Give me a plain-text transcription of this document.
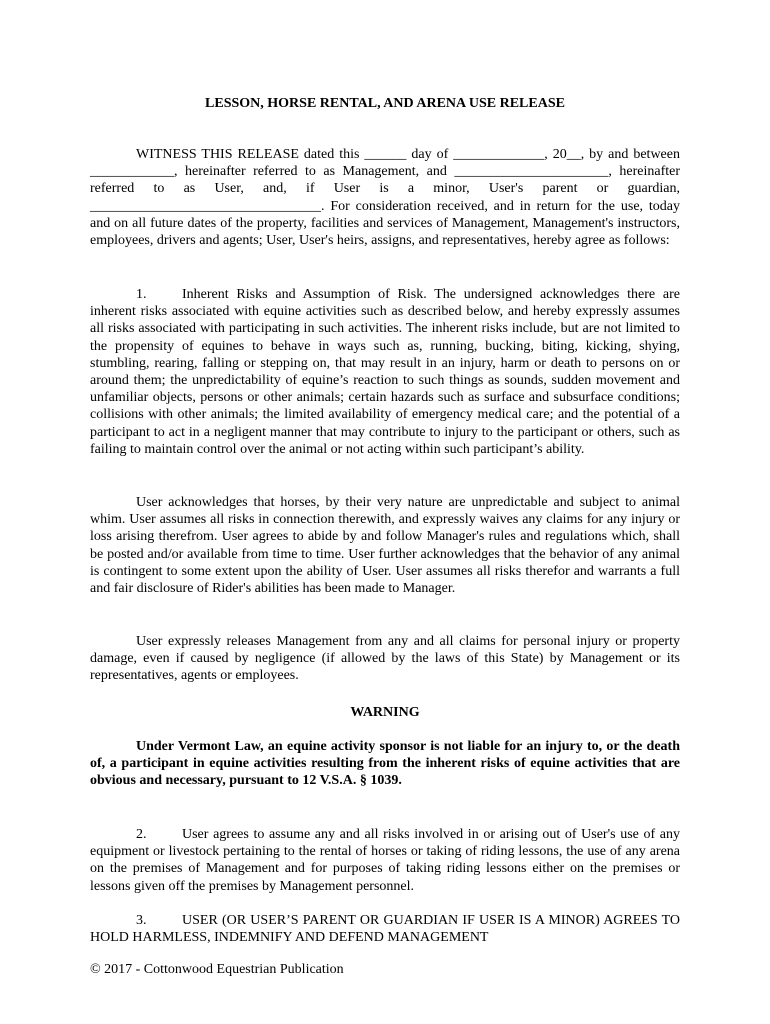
LESSON, HORSE RENTAL, AND ARENA USE RELEASE
WITNESS THIS RELEASE dated this ______ day of _____________, 20__, by and between ____________, hereinafter referred to as Management, and ______________________, hereinafter referred to as User, and, if User is a minor, User's parent or guardian, _________________________________. For consideration received, and in return for the use, today and on all future dates of the property, facilities and services of Management, Management's instructors, employees, drivers and agents; User, User's heirs, assigns, and representatives, hereby agree as follows:
1.	Inherent Risks and Assumption of Risk. The undersigned acknowledges there are inherent risks associated with equine activities such as described below, and hereby expressly assumes all risks associated with participating in such activities. The inherent risks include, but are not limited to the propensity of equines to behave in ways such as, running, bucking, biting, kicking, shying, stumbling, rearing, falling or stepping on, that may result in an injury, harm or death to persons on or around them; the unpredictability of equine’s reaction to such things as sounds, sudden movement and unfamiliar objects, persons or other animals; certain hazards such as surface and subsurface conditions; collisions with other animals; the limited availability of emergency medical care; and the potential of a participant to act in a negligent manner that may contribute to injury to the participant or others, such as failing to maintain control over the animal or not acting within such participant’s ability.
User acknowledges that horses, by their very nature are unpredictable and subject to animal whim. User assumes all risks in connection therewith, and expressly waives any claims for any injury or loss arising therefrom. User agrees to abide by and follow Manager's rules and regulations which, shall be posted and/or available from time to time. User further acknowledges that the behavior of any animal is contingent to some extent upon the ability of User. User assumes all risks therefor and warrants a full and fair disclosure of Rider's abilities has been made to Manager.
User expressly releases Management from any and all claims for personal injury or property damage, even if caused by negligence (if allowed by the laws of this State) by Management or its representatives, agents or employees.
WARNING
Under Vermont Law, an equine activity sponsor is not liable for an injury to, or the death of, a participant in equine activities resulting from the inherent risks of equine activities that are obvious and necessary, pursuant to 12 V.S.A. § 1039.
2.	User agrees to assume any and all risks involved in or arising out of User's use of any equipment or livestock pertaining to the rental of horses or taking of riding lessons, the use of any arena on the premises of Management and for purposes of taking riding lessons either on the premises or lessons given off the premises by Management personnel.
3.	USER (OR USER’S PARENT OR GUARDIAN IF USER IS A MINOR) AGREES TO HOLD HARMLESS, INDEMNIFY AND DEFEND MANAGEMENT
© 2017 - Cottonwood Equestrian Publication
